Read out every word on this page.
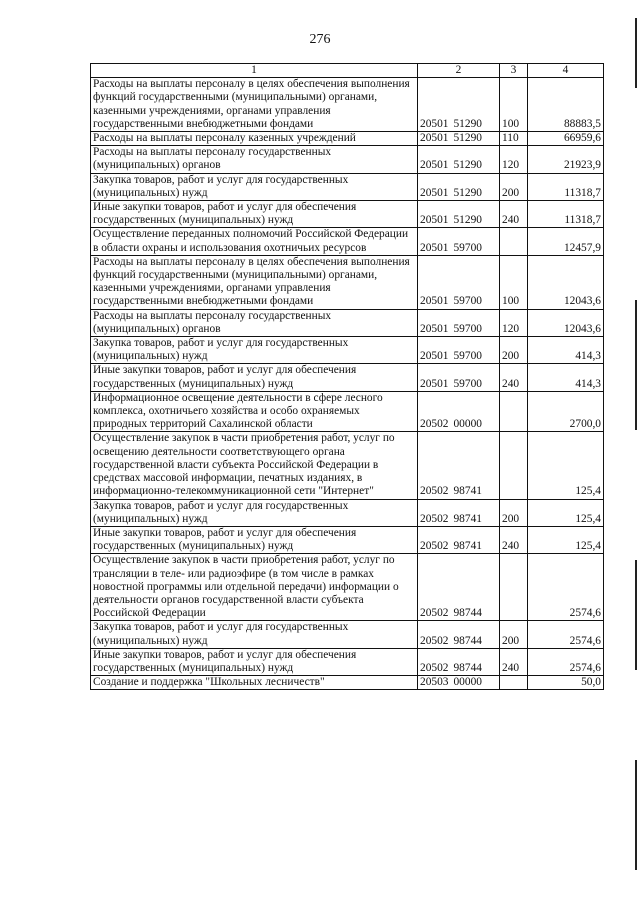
276
1	2	3	4
Расходы на выплаты персоналу в целях обеспечения выполнения функций государственными (муниципальными) органами, казенными учреждениями, органами управления государственными внебюджетными фондами	20501 51290	100	88883,5
Расходы на выплаты персоналу казенных учреждений	20501 51290	110	66959,6
Расходы на выплаты персоналу государственных (муниципальных) органов	20501 51290	120	21923,9
Закупка товаров, работ и услуг для государственных (муниципальных) нужд	20501 51290	200	11318,7
Иные закупки товаров, работ и услуг для обеспечения государственных (муниципальных) нужд	20501 51290	240	11318,7
Осуществление переданных полномочий Российской Федерации в области охраны и использования охотничьих ресурсов	20501 59700		12457,9
Расходы на выплаты персоналу в целях обеспечения выполнения функций государственными (муниципальными) органами, казенными учреждениями, органами управления государственными внебюджетными фондами	20501 59700	100	12043,6
Расходы на выплаты персоналу государственных (муниципальных) органов	20501 59700	120	12043,6
Закупка товаров, работ и услуг для государственных (муниципальных) нужд	20501 59700	200	414,3
Иные закупки товаров, работ и услуг для обеспечения государственных (муниципальных) нужд	20501 59700	240	414,3
Информационное освещение деятельности в сфере лесного комплекса, охотничьего хозяйства и особо охраняемых природных территорий Сахалинской области	20502 00000		2700,0
Осуществление закупок в части приобретения работ, услуг по освещению деятельности соответствующего органа государственной власти субъекта Российской Федерации в средствах массовой информации, печатных изданиях, в информационно-телекоммуникационной сети "Интернет"	20502 98741		125,4
Закупка товаров, работ и услуг для государственных (муниципальных) нужд	20502 98741	200	125,4
Иные закупки товаров, работ и услуг для обеспечения государственных (муниципальных) нужд	20502 98741	240	125,4
Осуществление закупок в части приобретения работ, услуг по трансляции в теле- или радиоэфире (в том числе в рамках новостной программы или отдельной передачи) информации о деятельности органов государственной власти субъекта Российской Федерации	20502 98744		2574,6
Закупка товаров, работ и услуг для государственных (муниципальных) нужд	20502 98744	200	2574,6
Иные закупки товаров, работ и услуг для обеспечения государственных (муниципальных) нужд	20502 98744	240	2574,6
Создание и поддержка "Школьных лесничеств"	20503 00000		50,0
